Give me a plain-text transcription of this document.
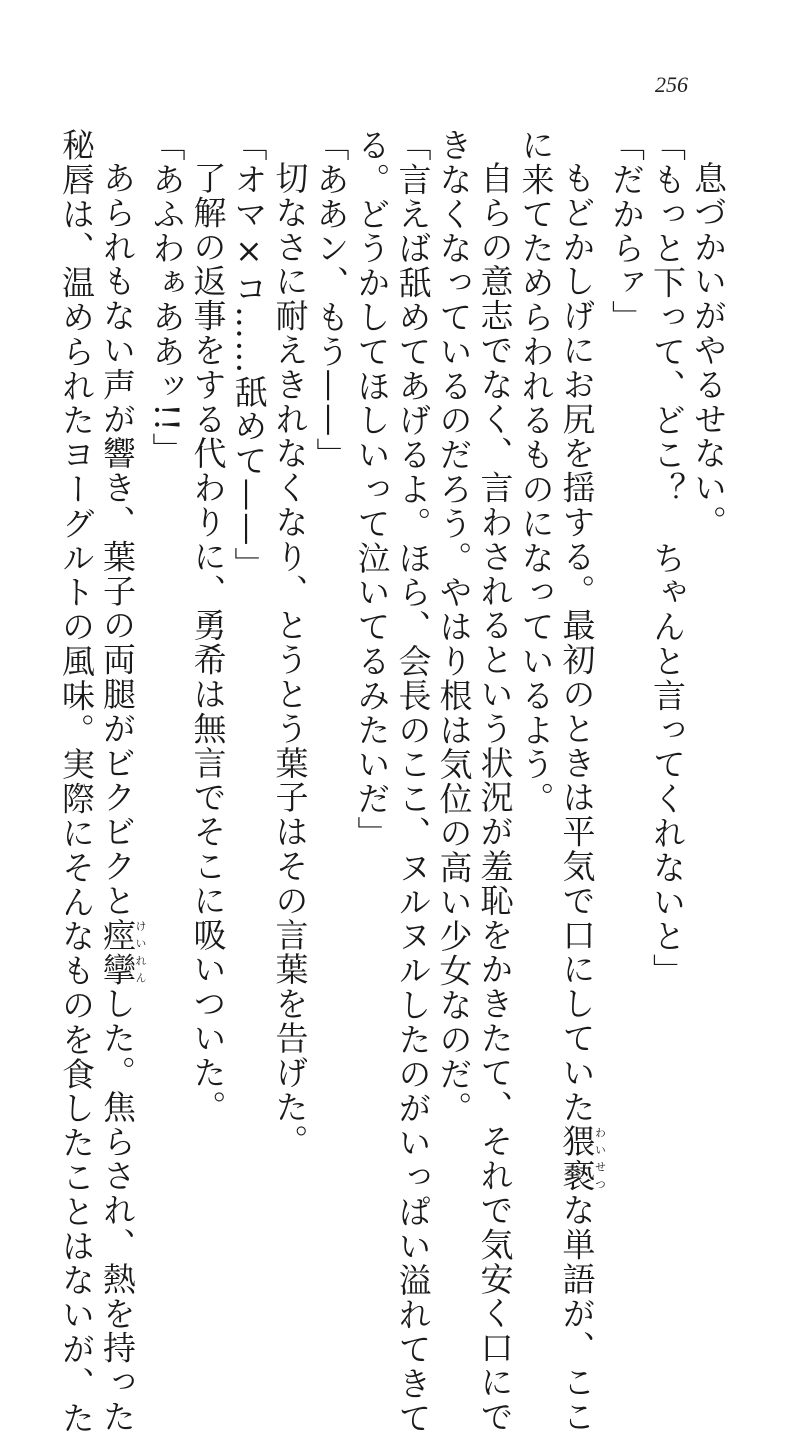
256

息づかいがやるせない。

「もっと下って、どこ？　ちゃんと言ってくれないと」

「だからァ」

もどかしげにお尻を揺する。最初のときは平気で口にしていた猥褻わいせつな単語が、ここ

に来てためらわれるものになっているよう。

自らの意志でなく、言わされるという状況が羞恥をかきたて、それで気安く口にで

きなくなっているのだろう。やはり根は気位の高い少女なのだ。

「言えば舐めてあげるよ。ほら、会長のここ、ヌルヌルしたのがいっぱい溢れてきて

る。どうかしてほしいって泣いてるみたいだ」

「ああン、もう——」

切なさに耐えきれなくなり、とうとう葉子はその言葉を告げた。

「オマ×コ……舐めて——」

了解の返事をする代わりに、勇希は無言でそこに吸いついた。

「あふわぁああッ!!」

あられもない声が響き、葉子の両腿がビクビクと痙攣けいれんした。焦らされ、熱を持った

秘唇は、温められたヨーグルトの風味。実際にそんなものを食したことはないが、た
